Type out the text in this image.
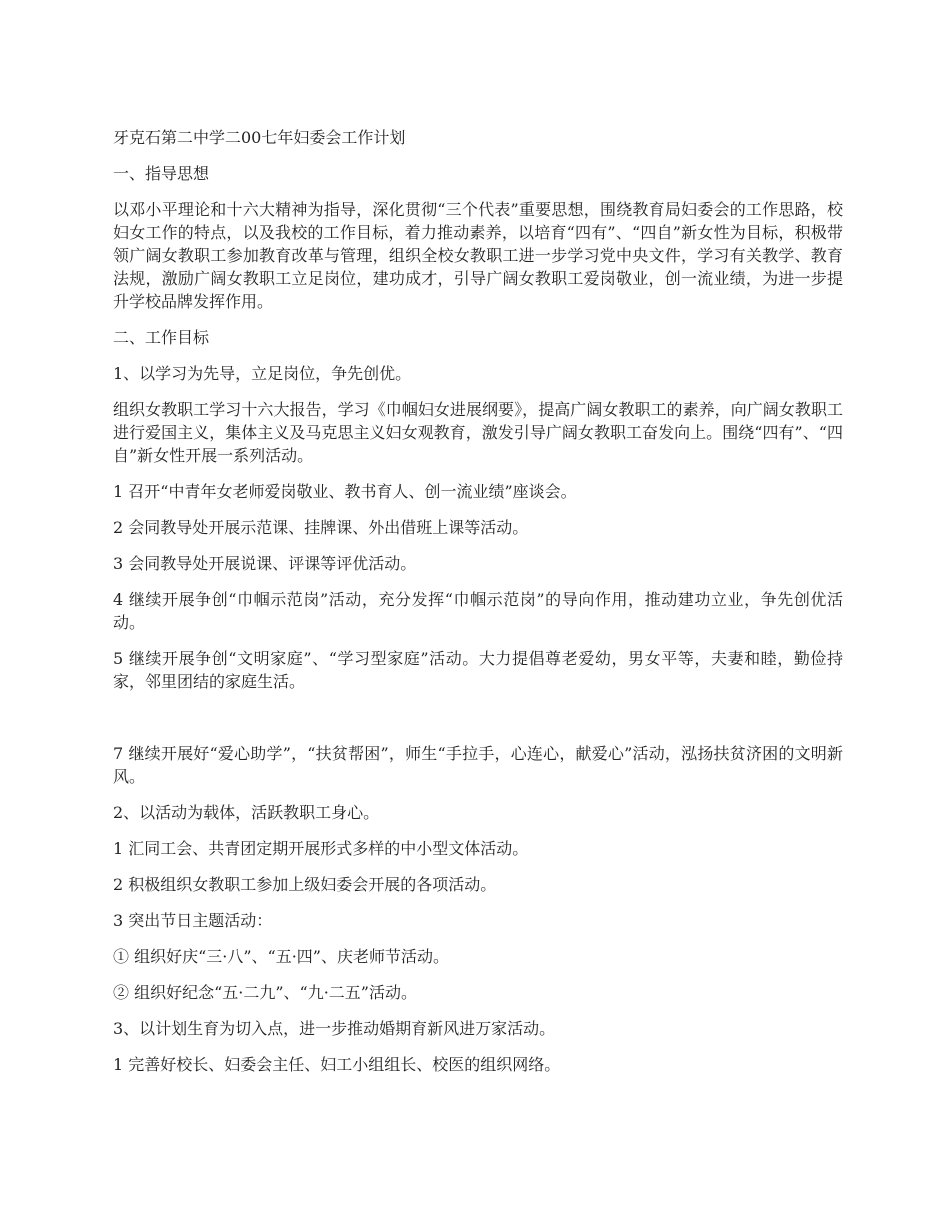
牙克石第二中学二00七年妇委会工作计划

一、指导思想

以邓小平理论和十六大精神为指导，深化贯彻“三个代表”重要思想，围绕教育局妇委会的工作思路，校妇女工作的特点，以及我校的工作目标，着力推动素养，以培育“四有”、“四自”新女性为目标，积极带领广阔女教职工参加教育改革与管理，组织全校女教职工进一步学习党中央文件，学习有关教学、教育法规，激励广阔女教职工立足岗位，建功成才，引导广阔女教职工爱岗敬业，创一流业绩，为进一步提升学校品牌发挥作用。

二、工作目标

1、以学习为先导，立足岗位，争先创优。

组织女教职工学习十六大报告，学习《巾帼妇女进展纲要》，提高广阔女教职工的素养，向广阔女教职工进行爱国主义，集体主义及马克思主义妇女观教育，激发引导广阔女教职工奋发向上。围绕“四有”、“四自”新女性开展一系列活动。

1 召开“中青年女老师爱岗敬业、教书育人、创一流业绩”座谈会。

2 会同教导处开展示范课、挂牌课、外出借班上课等活动。

3 会同教导处开展说课、评课等评优活动。

4 继续开展争创“巾帼示范岗”活动，充分发挥“巾帼示范岗”的导向作用，推动建功立业，争先创优活动。

5 继续开展争创“文明家庭”、“学习型家庭”活动。大力提倡尊老爱幼，男女平等，夫妻和睦，勤俭持家，邻里团结的家庭生活。

7 继续开展好“爱心助学”，“扶贫帮困”，师生“手拉手，心连心，献爱心”活动，泓扬扶贫济困的文明新风。

2、以活动为载体，活跃教职工身心。

1 汇同工会、共青团定期开展形式多样的中小型文体活动。

2 积极组织女教职工参加上级妇委会开展的各项活动。

3 突出节日主题活动：

① 组织好庆“三·八”、“五·四”、庆老师节活动。

② 组织好纪念“五·二九”、“九·二五”活动。

3、以计划生育为切入点，进一步推动婚期育新风进万家活动。

1 完善好校长、妇委会主任、妇工小组组长、校医的组织网络。
